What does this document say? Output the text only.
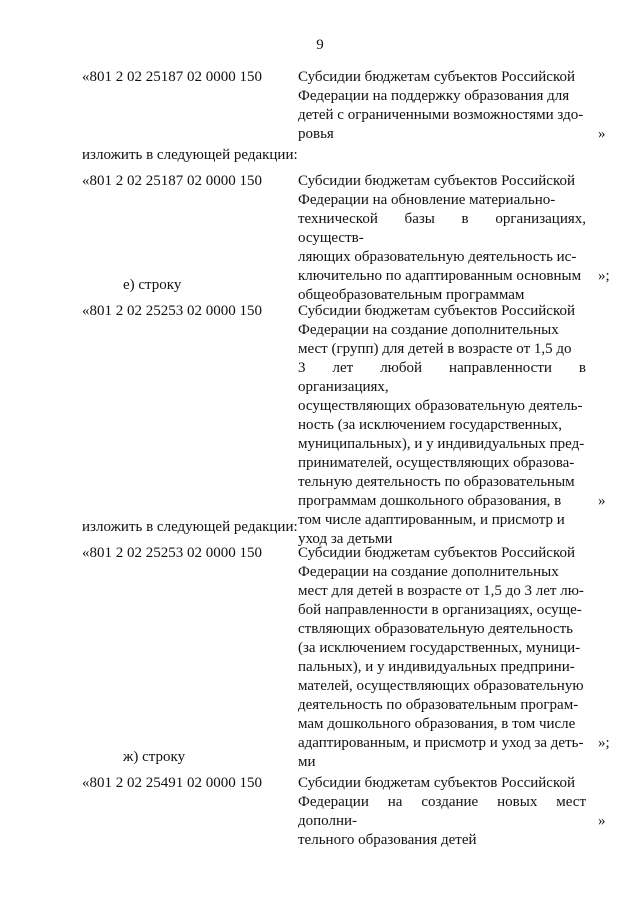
9
«801 2 02 25187 02 0000 150	Субсидии бюджетам субъектов Российской
Федерации на поддержку образования для
детей с ограниченными возможностями здо-
ровья	»
изложить в следующей редакции:
«801 2 02 25187 02 0000 150	Субсидии бюджетам субъектов Российской
Федерации на обновление материально-
технической базы в организациях, осуществ-
ляющих образовательную деятельность ис-
ключительно по адаптированным основным
общеобразовательным программам
»;
е) строку
«801 2 02 25253 02 0000 150	Субсидии бюджетам субъектов Российской
Федерации на создание дополнительных
мест (групп) для детей в возрасте от 1,5 до
3 лет любой направленности в организациях,
осуществляющих образовательную деятель-
ность (за исключением государственных,
муниципальных), и у индивидуальных пред-
принимателей, осуществляющих образова-
тельную деятельность по образовательным
программам дошкольного образования, в
том числе адаптированным, и присмотр и
уход за детьми
»
изложить в следующей редакции:
«801 2 02 25253 02 0000 150	Субсидии бюджетам субъектов Российской
Федерации на создание дополнительных
мест для детей в возрасте от 1,5 до 3 лет лю-
бой направленности в организациях, осуще-
ствляющих образовательную деятельность
(за исключением государственных, муници-
пальных), и у индивидуальных предприни-
мателей, осуществляющих образовательную
деятельность по образовательным програм-
мам дошкольного образования, в том числе
адаптированным, и присмотр и уход за деть-
ми
»;
ж) строку
«801 2 02 25491 02 0000 150	Субсидии бюджетам субъектов Российской
Федерации на создание новых мест дополни-
тельного образования детей
»
